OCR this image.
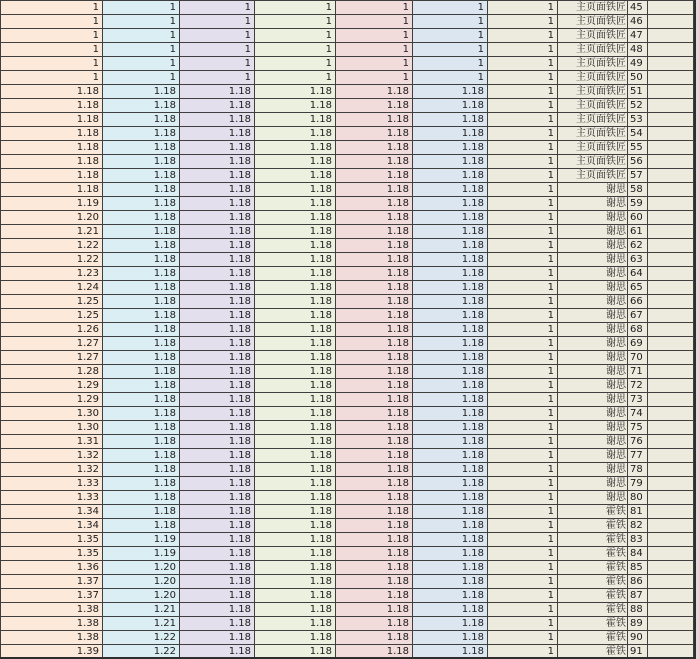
1	1	1	1	1	1	1	主页面铁匠 45
1	1	1	1	1	1	1	主页面铁匠 46
1	1	1	1	1	1	1	主页面铁匠 47
1	1	1	1	1	1	1	主页面铁匠 48
1	1	1	1	1	1	1	主页面铁匠 49
1	1	1	1	1	1	1	主页面铁匠 50
1.18	1.18	1.18	1.18	1.18	1.18	1	主页面铁匠 51
1.18	1.18	1.18	1.18	1.18	1.18	1	主页面铁匠 52
1.18	1.18	1.18	1.18	1.18	1.18	1	主页面铁匠 53
1.18	1.18	1.18	1.18	1.18	1.18	1	主页面铁匠 54
1.18	1.18	1.18	1.18	1.18	1.18	1	主页面铁匠 55
1.18	1.18	1.18	1.18	1.18	1.18	1	主页面铁匠 56
1.18	1.18	1.18	1.18	1.18	1.18	1	主页面铁匠 57
1.18	1.18	1.18	1.18	1.18	1.18	1	谢思 58
1.19	1.18	1.18	1.18	1.18	1.18	1	谢思 59
1.20	1.18	1.18	1.18	1.18	1.18	1	谢思 60
1.21	1.18	1.18	1.18	1.18	1.18	1	谢思 61
1.22	1.18	1.18	1.18	1.18	1.18	1	谢思 62
1.22	1.18	1.18	1.18	1.18	1.18	1	谢思 63
1.23	1.18	1.18	1.18	1.18	1.18	1	谢思 64
1.24	1.18	1.18	1.18	1.18	1.18	1	谢思 65
1.25	1.18	1.18	1.18	1.18	1.18	1	谢思 66
1.25	1.18	1.18	1.18	1.18	1.18	1	谢思 67
1.26	1.18	1.18	1.18	1.18	1.18	1	谢思 68
1.27	1.18	1.18	1.18	1.18	1.18	1	谢思 69
1.27	1.18	1.18	1.18	1.18	1.18	1	谢思 70
1.28	1.18	1.18	1.18	1.18	1.18	1	谢思 71
1.29	1.18	1.18	1.18	1.18	1.18	1	谢思 72
1.29	1.18	1.18	1.18	1.18	1.18	1	谢思 73
1.30	1.18	1.18	1.18	1.18	1.18	1	谢思 74
1.30	1.18	1.18	1.18	1.18	1.18	1	谢思 75
1.31	1.18	1.18	1.18	1.18	1.18	1	谢思 76
1.32	1.18	1.18	1.18	1.18	1.18	1	谢思 77
1.32	1.18	1.18	1.18	1.18	1.18	1	谢思 78
1.33	1.18	1.18	1.18	1.18	1.18	1	谢思 79
1.33	1.18	1.18	1.18	1.18	1.18	1	谢思 80
1.34	1.18	1.18	1.18	1.18	1.18	1	霍铁 81
1.34	1.18	1.18	1.18	1.18	1.18	1	霍铁 82
1.35	1.19	1.18	1.18	1.18	1.18	1	霍铁 83
1.35	1.19	1.18	1.18	1.18	1.18	1	霍铁 84
1.36	1.20	1.18	1.18	1.18	1.18	1	霍铁 85
1.37	1.20	1.18	1.18	1.18	1.18	1	霍铁 86
1.37	1.20	1.18	1.18	1.18	1.18	1	霍铁 87
1.38	1.21	1.18	1.18	1.18	1.18	1	霍铁 88
1.38	1.21	1.18	1.18	1.18	1.18	1	霍铁 89
1.38	1.22	1.18	1.18	1.18	1.18	1	霍铁 90
1.39	1.22	1.18	1.18	1.18	1.18	1	霍铁 91
